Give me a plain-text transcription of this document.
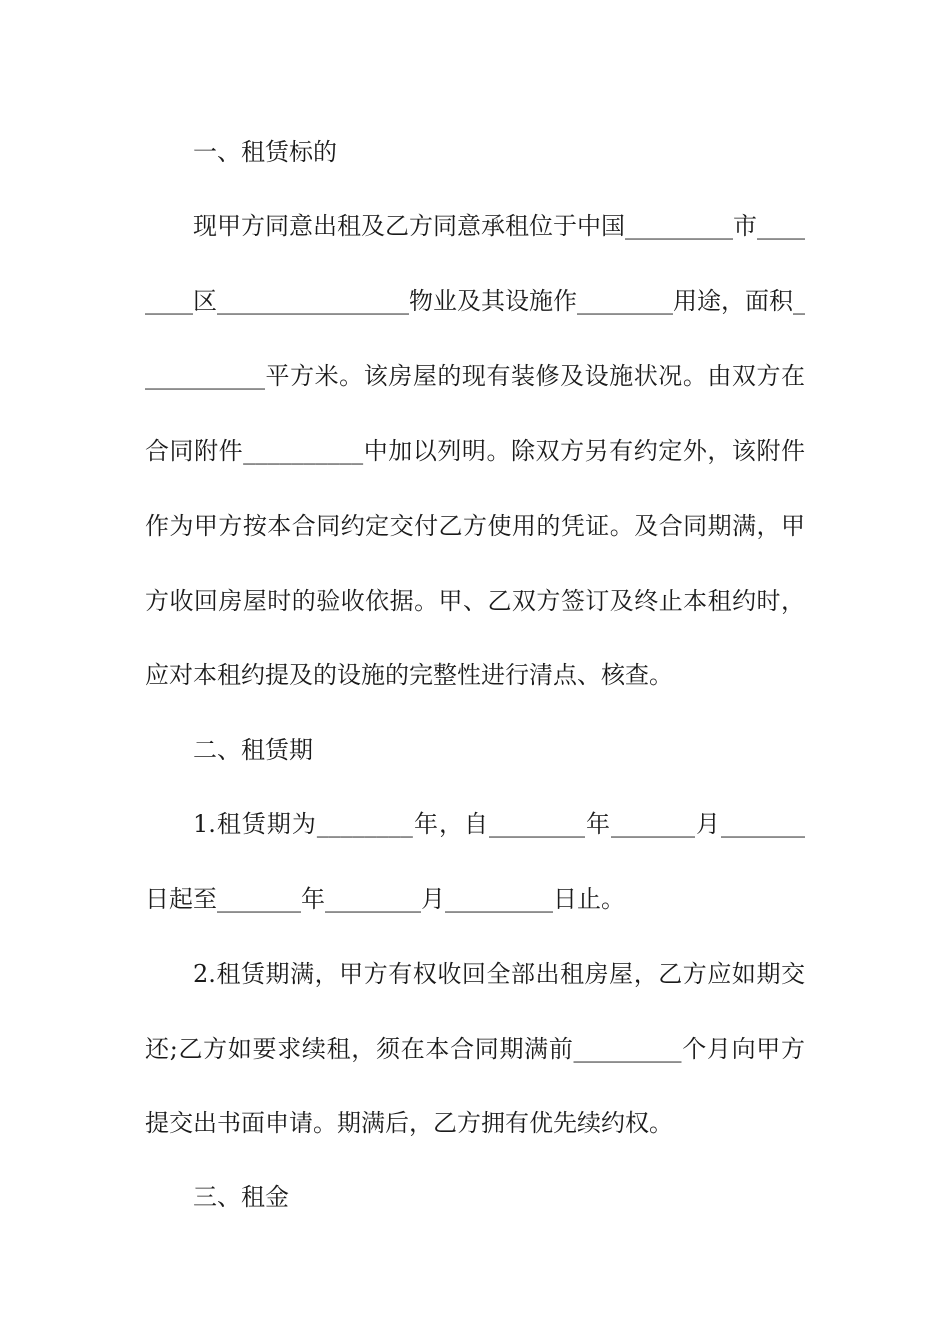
一、租赁标的
现甲方同意出租及乙方同意承租位于中国_________市____
____区________________物业及其设施作________用途，面积_
__________平方米。该房屋的现有装修及设施状况。由双方在
合同附件__________中加以列明。除双方另有约定外，该附件
作为甲方按本合同约定交付乙方使用的凭证。及合同期满，甲
方收回房屋时的验收依据。甲、乙双方签订及终止本租约时，
应对本租约提及的设施的完整性进行清点、核查。
二、租赁期
1.租赁期为________年，自________年_______月_______
日起至_______年________月_________日止。
2.租赁期满，甲方有权收回全部出租房屋，乙方应如期交
还;乙方如要求续租，须在本合同期满前_________个月向甲方
提交出书面申请。期满后，乙方拥有优先续约权。
三、租金
